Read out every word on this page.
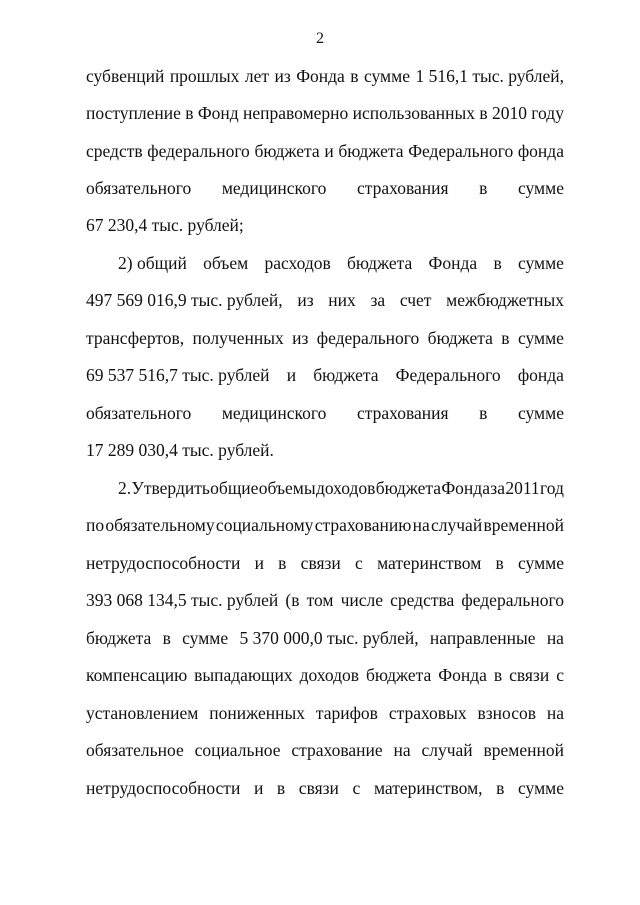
2
субвенций прошлых лет из Фонда в сумме 1 516,1 тыс. рублей,
поступление в Фонд неправомерно использованных в 2010 году
средств федерального бюджета и бюджета Федерального фонда
обязательного медицинского страхования в сумме
67 230,4 тыс. рублей;
2) общий объем расходов бюджета Фонда в сумме
497 569 016,9 тыс. рублей, из них за счет межбюджетных
трансфертов, полученных из федерального бюджета в сумме
69 537 516,7 тыс. рублей и бюджета Федерального фонда
обязательного медицинского страхования в сумме
17 289 030,4 тыс. рублей.
2. Утвердить общие объемы доходов бюджета Фонда за 2011 год
по обязательному социальному страхованию на случай временной
нетрудоспособности и в связи с материнством в сумме
393 068 134,5 тыс. рублей (в том числе средства федерального
бюджета в сумме 5 370 000,0 тыс. рублей, направленные на
компенсацию выпадающих доходов бюджета Фонда в связи с
установлением пониженных тарифов страховых взносов на
обязательное социальное страхование на случай временной
нетрудоспособности и в связи с материнством, в сумме
